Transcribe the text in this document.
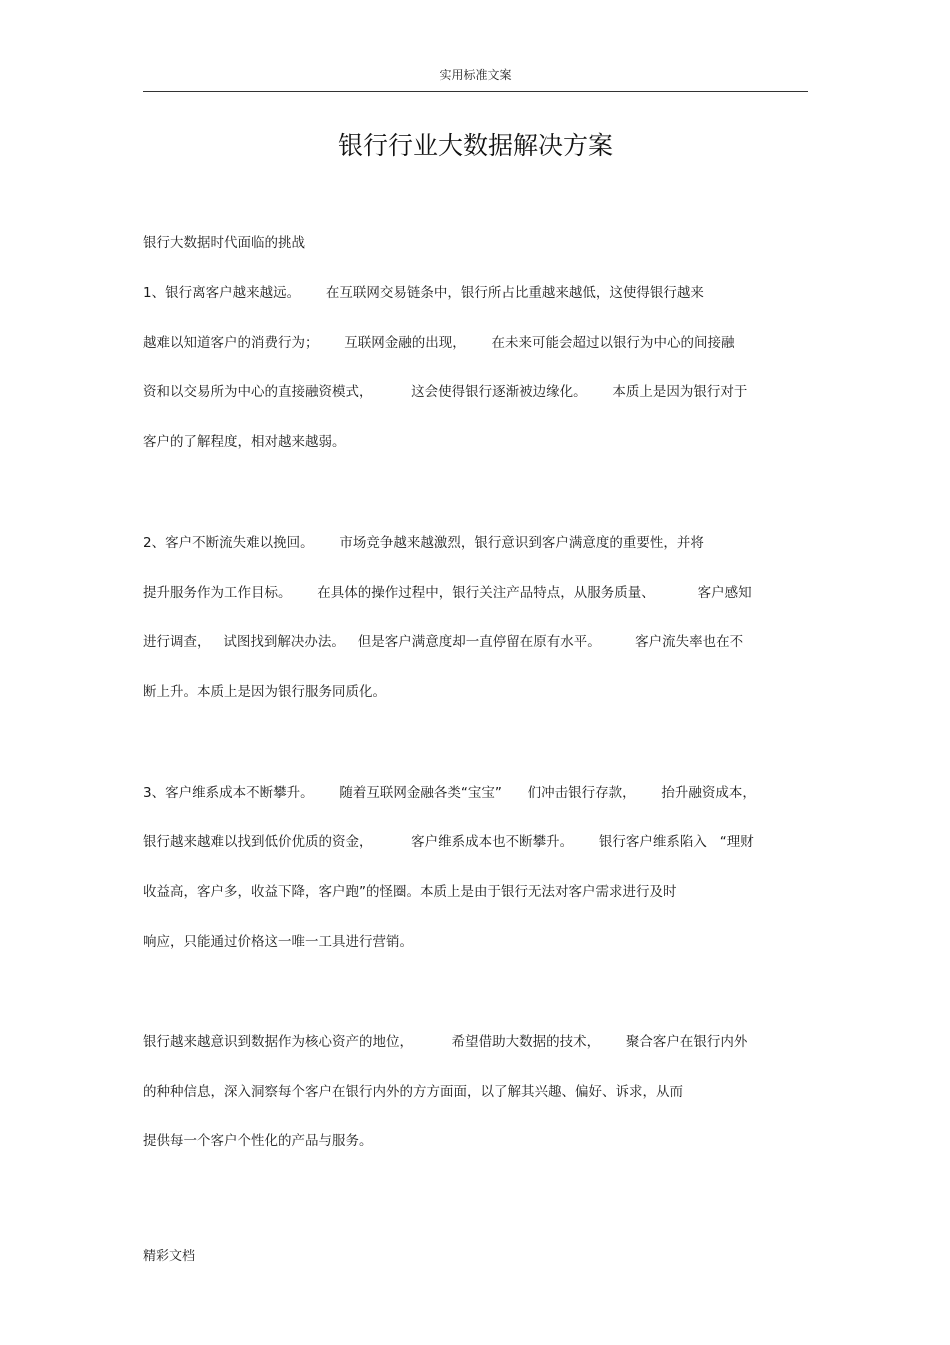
实用标准文案
银行行业大数据解决方案
银行大数据时代面临的挑战
1、银行离客户越来越远。      在互联网交易链条中，银行所占比重越来越低，这使得银行越来
越难以知道客户的消费行为；      互联网金融的出现，      在未来可能会超过以银行为中心的间接融
资和以交易所为中心的直接融资模式，         这会使得银行逐渐被边缘化。      本质上是因为银行对于
客户的了解程度，相对越来越弱。
2、客户不断流失难以挽回。      市场竞争越来越激烈，银行意识到客户满意度的重要性，并将
提升服务作为工作目标。      在具体的操作过程中，银行关注产品特点，从服务质量、          客户感知
进行调查，   试图找到解决办法。   但是客户满意度却一直停留在原有水平。        客户流失率也在不
断上升。本质上是因为银行服务同质化。
3、客户维系成本不断攀升。      随着互联网金融各类“宝宝”      们冲击银行存款，      抬升融资成本，
银行越来越难以找到低价优质的资金，         客户维系成本也不断攀升。      银行客户维系陷入   “理财
收益高，客户多，收益下降，客户跑”的怪圈。本质上是由于银行无法对客户需求进行及时
响应，只能通过价格这一唯一工具进行营销。
银行越来越意识到数据作为核心资产的地位，         希望借助大数据的技术，      聚合客户在银行内外
的种种信息，深入洞察每个客户在银行内外的方方面面，以了解其兴趣、偏好、诉求，从而
提供每一个客户个性化的产品与服务。
精彩文档
